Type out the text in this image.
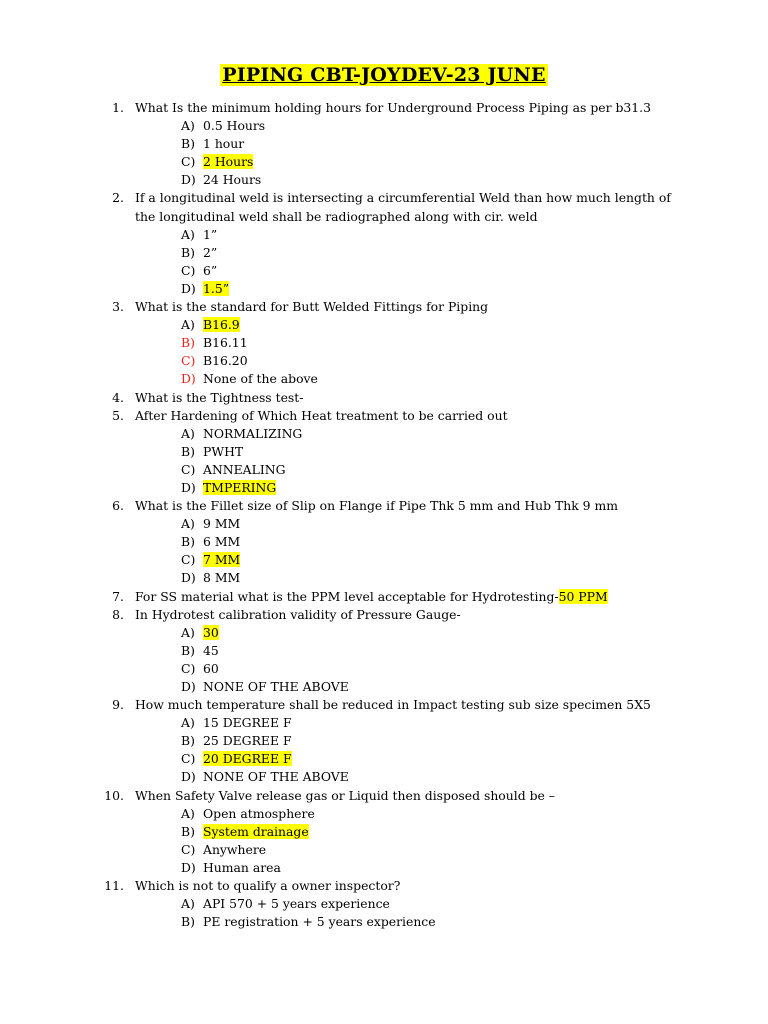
PIPING CBT-JOYDEV-23 JUNE
1. What Is the minimum holding hours for Underground Process Piping as per b31.3
A) 0.5 Hours
B) 1 hour
C) 2 Hours
D) 24 Hours
2. If a longitudinal weld is intersecting a circumferential Weld than how much length of the longitudinal weld shall be radiographed along with cir. weld
A) 1”
B) 2”
C) 6”
D) 1.5”
3. What is the standard for Butt Welded Fittings for Piping
A) B16.9
B) B16.11
C) B16.20
D) None of the above
4. What is the Tightness test-
5. After Hardening of Which Heat treatment to be carried out
A) NORMALIZING
B) PWHT
C) ANNEALING
D) TMPERING
6. What is the Fillet size of Slip on Flange if Pipe Thk 5 mm and Hub Thk 9 mm
A) 9 MM
B) 6 MM
C) 7 MM
D) 8 MM
7. For SS material what is the PPM level acceptable for Hydrotesting-50 PPM
8. In Hydrotest calibration validity of Pressure Gauge-
A) 30
B) 45
C) 60
D) NONE OF THE ABOVE
9. How much temperature shall be reduced in Impact testing sub size specimen 5X5
A) 15 DEGREE F
B) 25 DEGREE F
C) 20 DEGREE F
D) NONE OF THE ABOVE
10. When Safety Valve release gas or Liquid then disposed should be –
A) Open atmosphere
B) System drainage
C) Anywhere
D) Human area
11. Which is not to qualify a owner inspector?
A) API 570 + 5 years experience
B) PE registration + 5 years experience
